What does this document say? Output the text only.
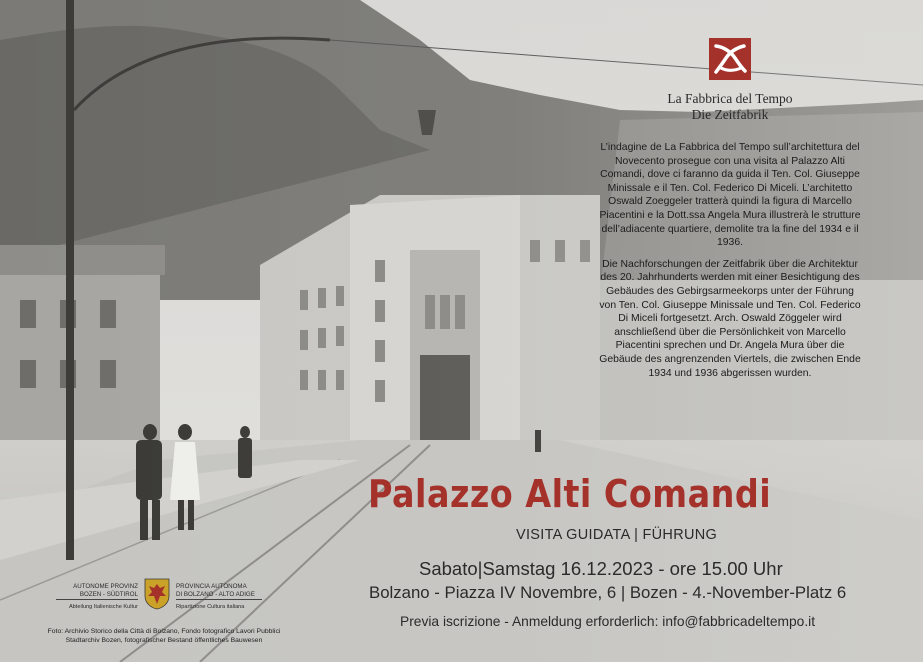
La Fabbrica del Tempo
Die Zeitfabrik

L’indagine de La Fabbrica del Tempo sull’architettura del Novecento prosegue con una visita al Palazzo Alti Comandi, dove ci faranno da guida il Ten. Col. Giuseppe Minissale e il Ten. Col. Federico Di Miceli. L’architetto Oswald Zoeggeler tratterà quindi la figura di Marcello Piacentini e la Dott.ssa Angela Mura illustrerà le strutture dell’adiacente quartiere, demolite tra la fine del 1934 e il 1936.

Die Nachforschungen der Zeitfabrik über die Architektur des 20. Jahrhunderts werden mit einer Besichtigung des Gebäudes des Gebirgsarmeekorps unter der Führung von Ten. Col. Giuseppe Minissale und Ten. Col. Federico Di Miceli fortgesetzt. Arch. Oswald Zöggeler wird anschließend über die Persönlichkeit von Marcello Piacentini sprechen und Dr. Angela Mura über die Gebäude des angrenzenden Viertels, die zwischen Ende 1934 und 1936 abgerissen wurden.

Palazzo Alti Comandi
VISITA GUIDATA | FÜHRUNG
Sabato|Samstag 16.12.2023 - ore 15.00 Uhr
Bolzano - Piazza IV Novembre, 6 | Bozen - 4.-November-Platz 6
Previa iscrizione - Anmeldung erforderlich: info@fabbricadeltempo.it
AUTONOME PROVINZ
BOZEN - SÜDTIROL
PROVINCIA AUTONOMA
DI BOLZANO - ALTO ADIGE
Abteilung Italienische Kultur	Ripartizione Cultura italiana
Foto: Archivio Storico della Città di Bolzano, Fondo fotografico Lavori Pubblici
Stadtarchiv Bozen, fotografischer Bestand öffentliches Bauwesen
